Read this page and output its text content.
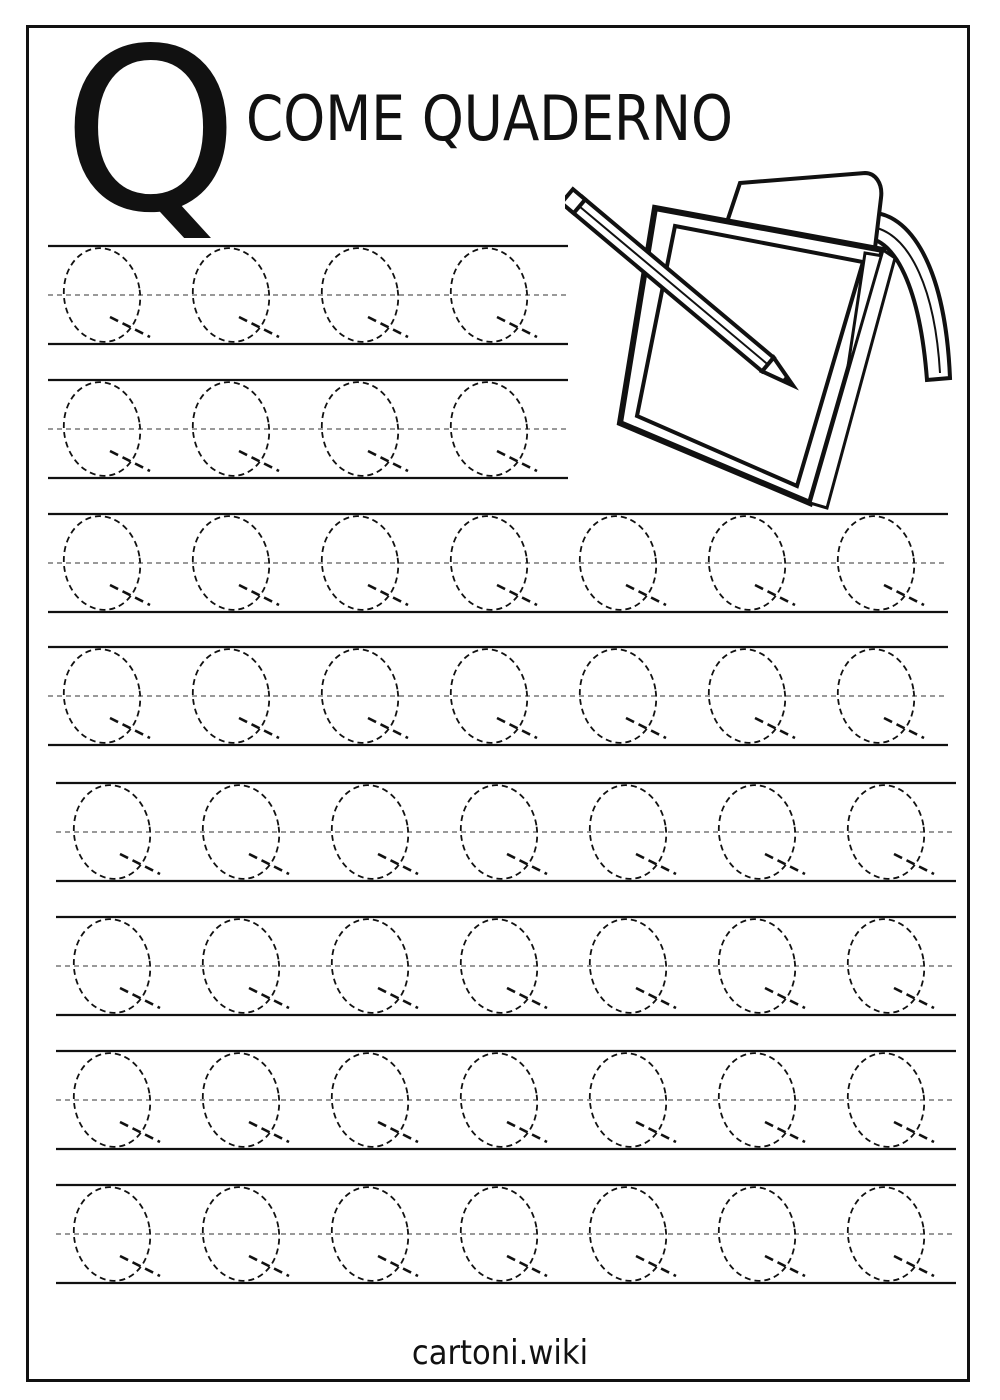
Q COME QUADERNO
cartoni.wiki
